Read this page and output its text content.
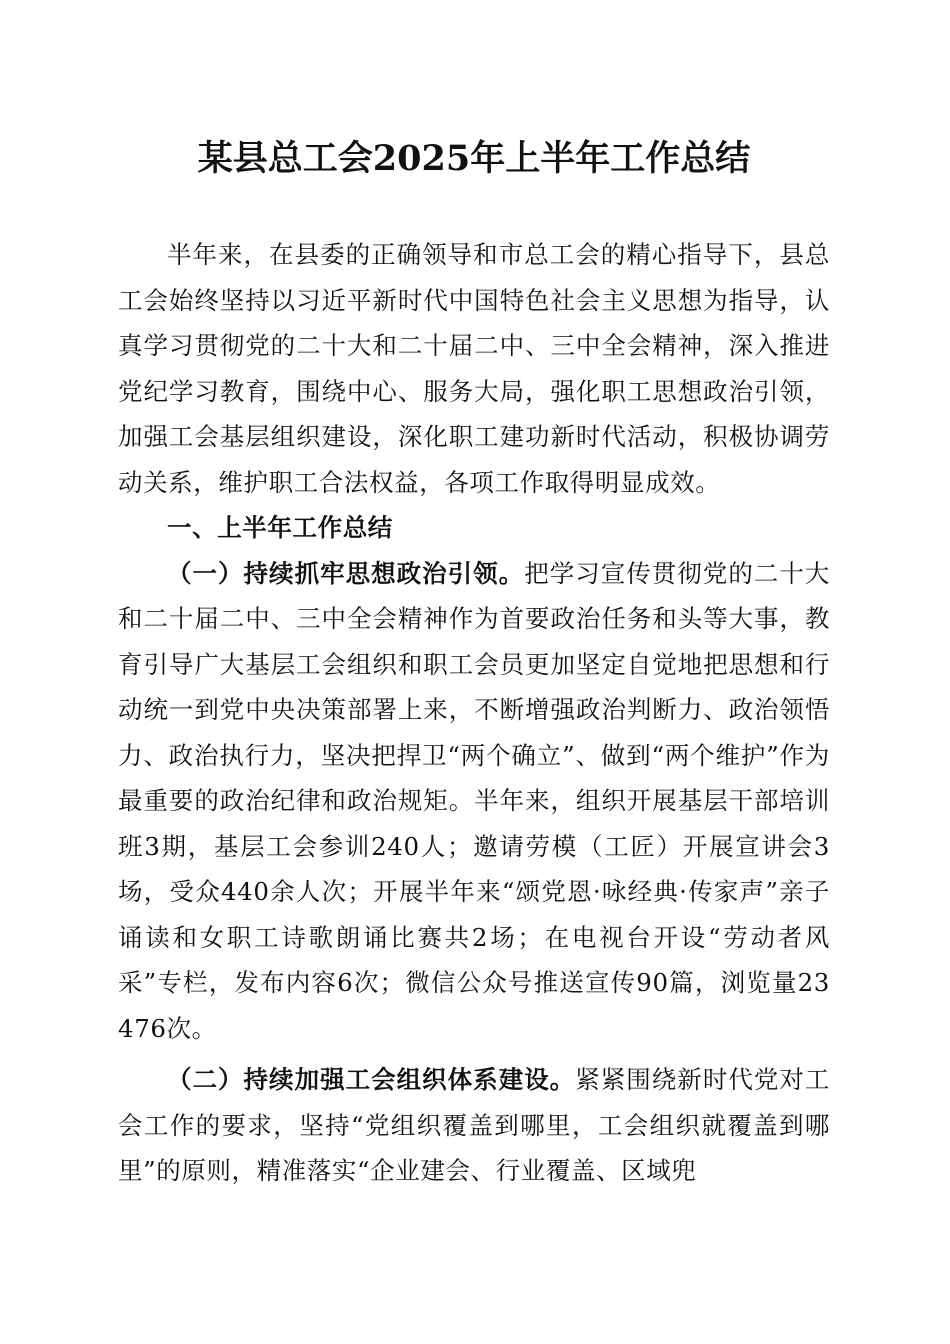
某县总工会2025年上半年工作总结

半年来，在县委的正确领导和市总工会的精心指导下，县总工会始终坚持以习近平新时代中国特色社会主义思想为指导，认真学习贯彻党的二十大和二十届二中、三中全会精神，深入推进党纪学习教育，围绕中心、服务大局，强化职工思想政治引领，加强工会基层组织建设，深化职工建功新时代活动，积极协调劳动关系，维护职工合法权益，各项工作取得明显成效。

一、上半年工作总结

（一）持续抓牢思想政治引领。把学习宣传贯彻党的二十大和二十届二中、三中全会精神作为首要政治任务和头等大事，教育引导广大基层工会组织和职工会员更加坚定自觉地把思想和行动统一到党中央决策部署上来，不断增强政治判断力、政治领悟力、政治执行力，坚决把捍卫“两个确立”、做到“两个维护”作为最重要的政治纪律和政治规矩。半年来，组织开展基层干部培训班3期，基层工会参训240人；邀请劳模（工匠）开展宣讲会3场，受众440余人次；开展半年来“颂党恩·咏经典·传家声”亲子诵读和女职工诗歌朗诵比赛共2场；在电视台开设“劳动者风采”专栏，发布内容6次；微信公众号推送宣传90篇，浏览量23476次。

（二）持续加强工会组织体系建设。紧紧围绕新时代党对工会工作的要求，坚持“党组织覆盖到哪里，工会组织就覆盖到哪里”的原则，精准落实“企业建会、行业覆盖、区域兜
